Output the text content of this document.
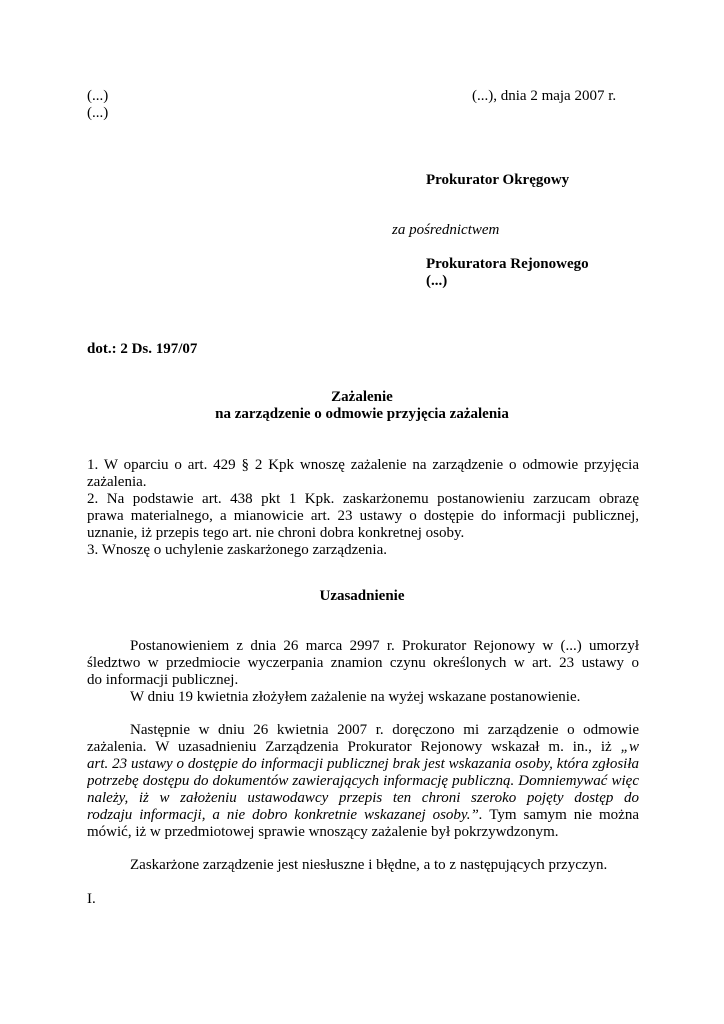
(...)
(...)
(...), dnia 2 maja 2007 r.
Prokurator Okręgowy
za pośrednictwem
Prokuratora Rejonowego
(...)
dot.: 2 Ds. 197/07
Zażalenie
na zarządzenie o odmowie przyjęcia zażalenia
1. W oparciu o art. 429 § 2 Kpk wnoszę zażalenie na zarządzenie o odmowie przyjęcia
zażalenia.
2. Na podstawie art. 438 pkt 1 Kpk. zaskarżonemu postanowieniu zarzucam obrazę
prawa materialnego, a mianowicie art. 23 ustawy o dostępie do informacji publicznej,
uznanie, iż przepis tego art. nie chroni dobra konkretnej osoby.
3. Wnoszę o uchylenie zaskarżonego zarządzenia.
Uzasadnienie
Postanowieniem z dnia 26 marca 2997 r. Prokurator Rejonowy w (...) umorzył
śledztwo w przedmiocie wyczerpania znamion czynu określonych w art. 23 ustawy o
do informacji publicznej.
W dniu 19 kwietnia złożyłem zażalenie na wyżej wskazane postanowienie.
Następnie w dniu 26 kwietnia 2007 r. doręczono mi zarządzenie o odmowie
zażalenia. W uzasadnieniu Zarządzenia Prokurator Rejonowy wskazał m. in., iż „w
art. 23 ustawy o dostępie do informacji publicznej brak jest wskazania osoby, która zgłosiła
potrzebę dostępu do dokumentów zawierających informację publiczną. Domniemywać więc
należy, iż w założeniu ustawodawcy przepis ten chroni szeroko pojęty dostęp do
rodzaju informacji, a nie dobro konkretnie wskazanej osoby.”. Tym samym nie można
mówić, iż w przedmiotowej sprawie wnoszący zażalenie był pokrzywdzonym.
Zaskarżone zarządzenie jest niesłuszne i błędne, a to z następujących przyczyn.
I.
